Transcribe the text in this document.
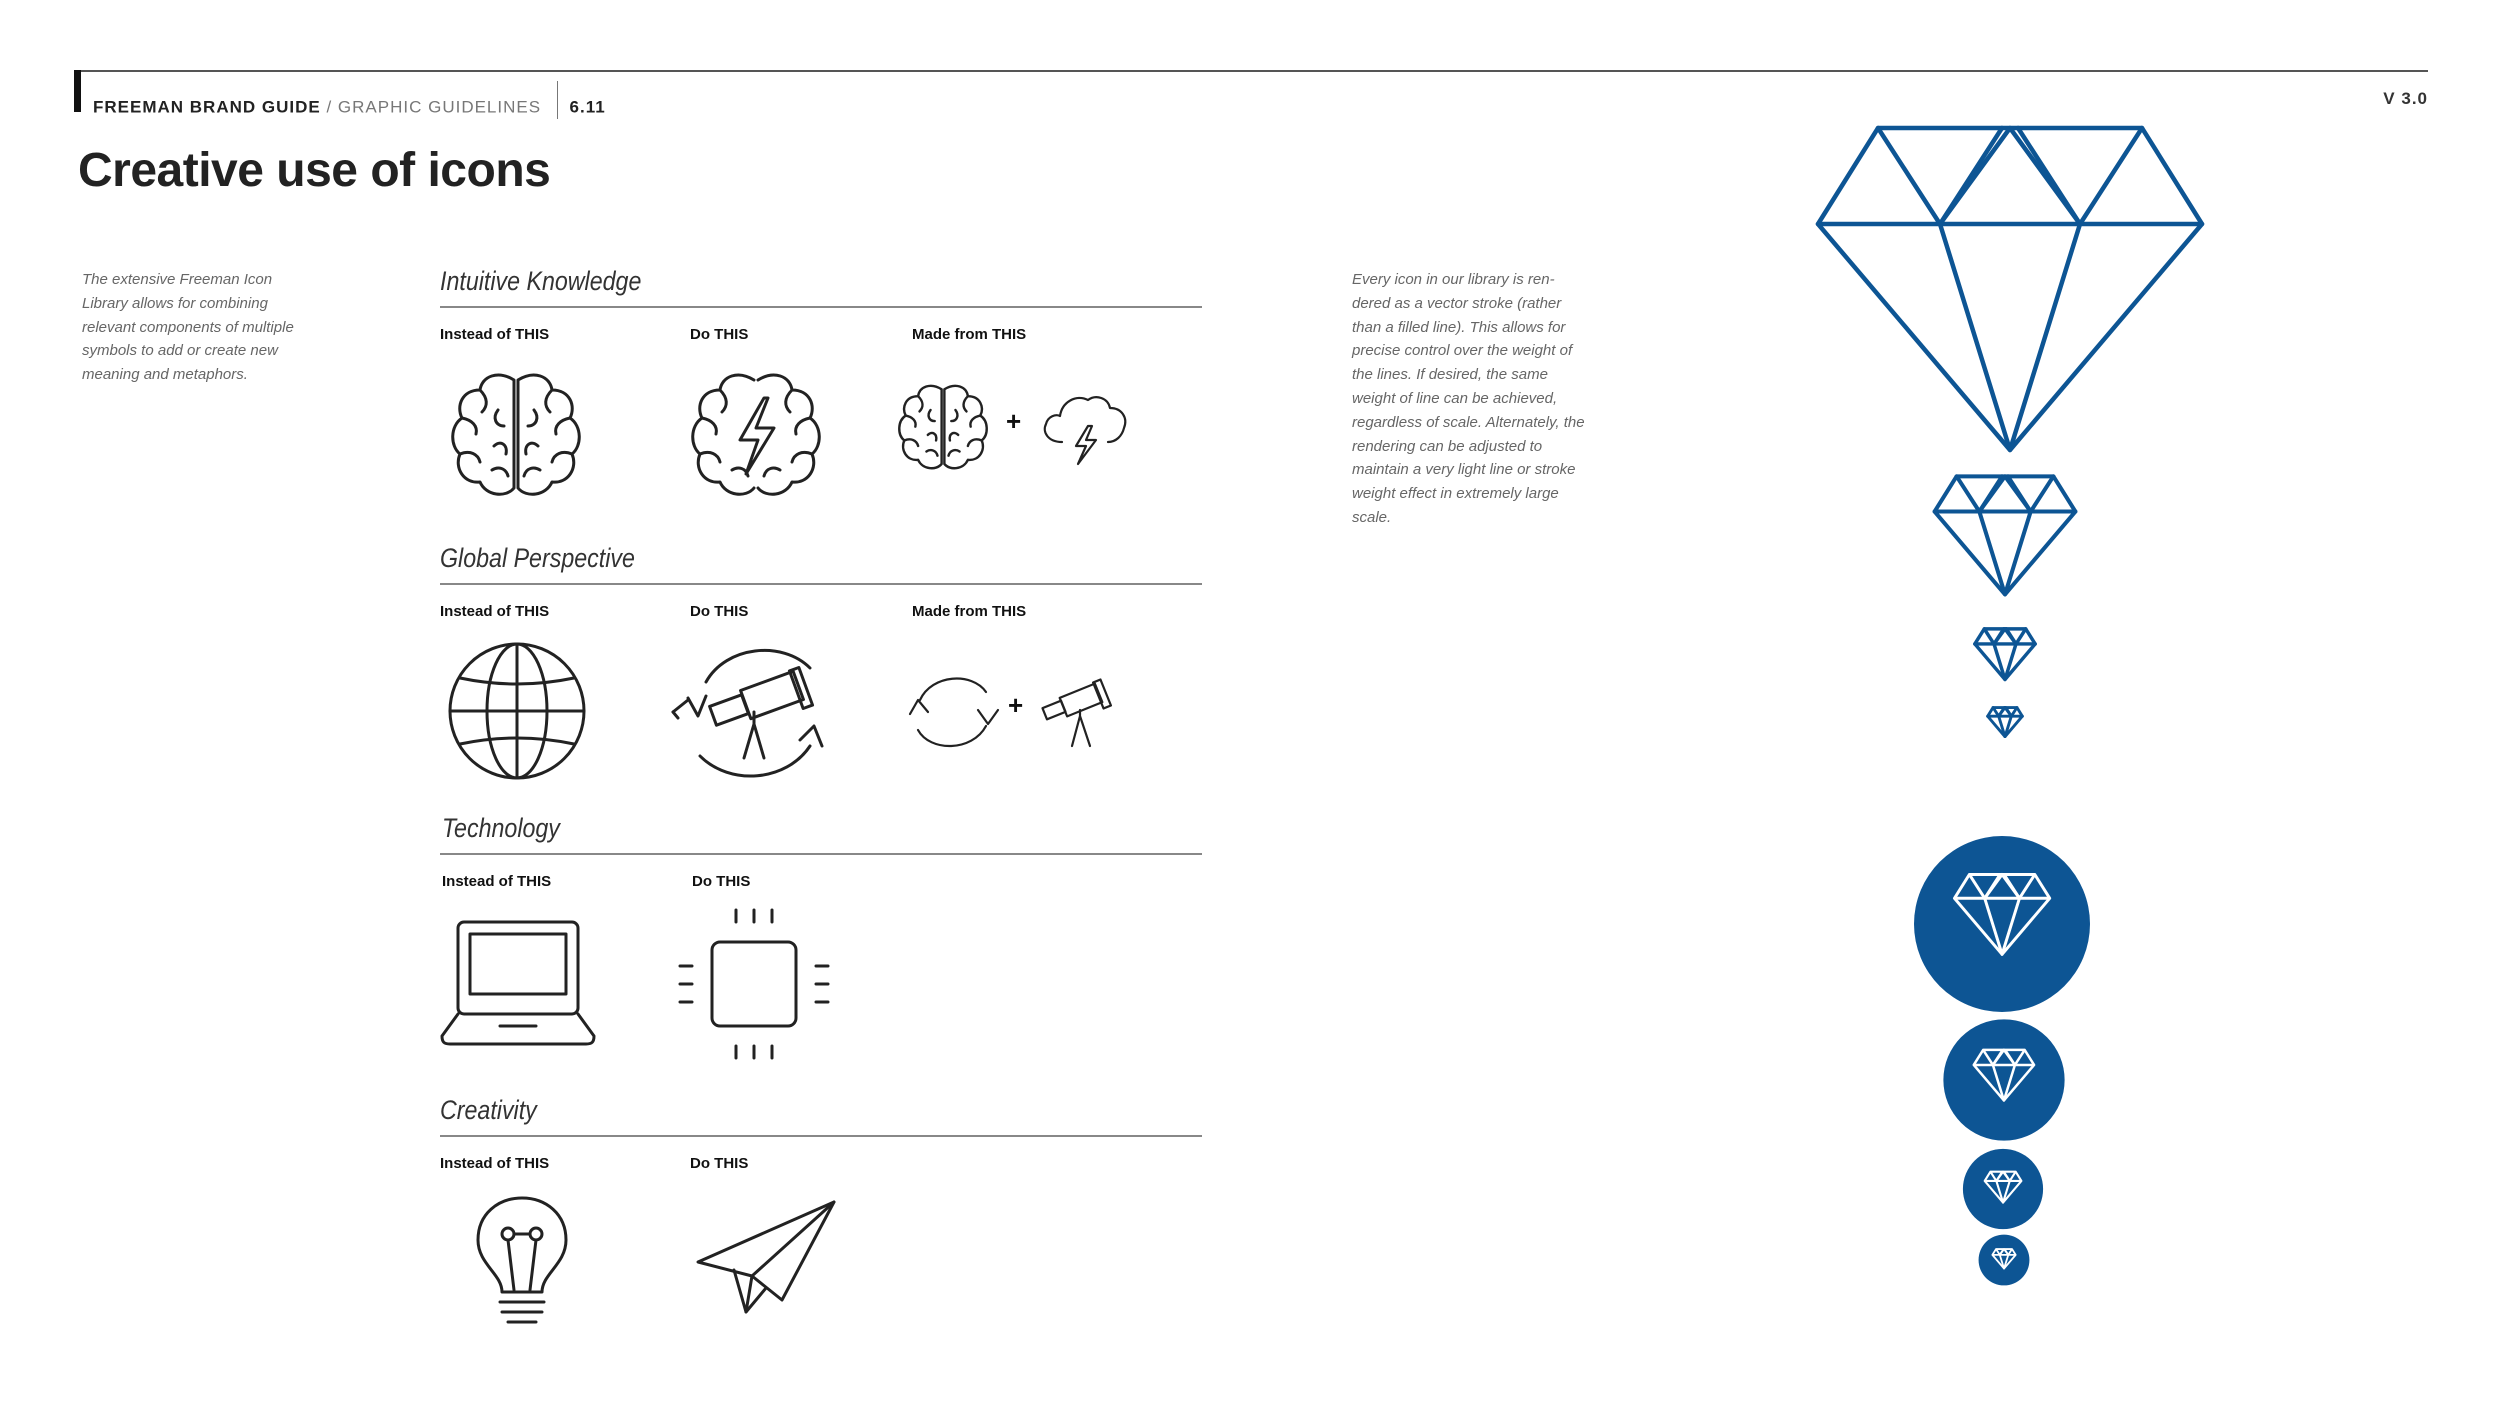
FREEMAN BRAND GUIDE / GRAPHIC GUIDELINES 6.11	V 3.0
Creative use of icons
The extensive Freeman Icon Library allows for combining relevant components of multiple symbols to add or create new meaning and metaphors.
Every icon in our library is ren-dered as a vector stroke (rather than a filled line). This allows for precise control over the weight of the lines. If desired, the same weight of line can be achieved, regardless of scale. Alternately, the rendering can be adjusted to maintain a very light line or stroke weight effect in extremely large scale.
Intuitive Knowledge
Instead of THIS	Do THIS	Made from THIS
+
Global Perspective
Instead of THIS	Do THIS	Made from THIS
+
Technology
Instead of THIS	Do THIS
Creativity
Instead of THIS	Do THIS
